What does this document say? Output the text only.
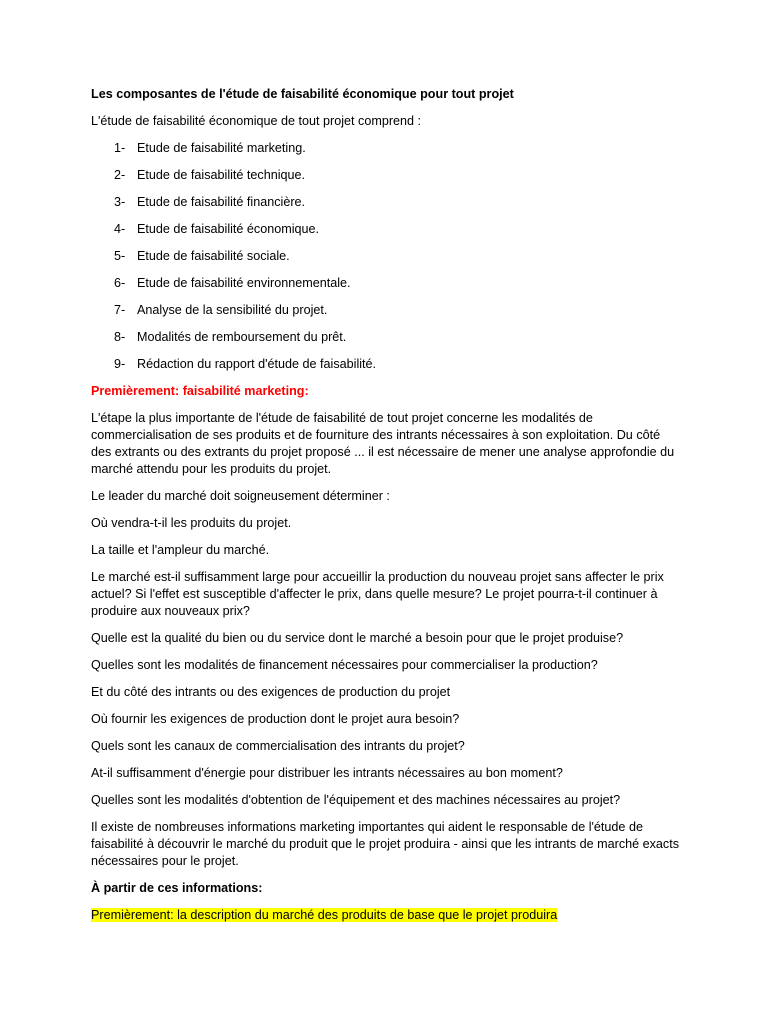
Les composantes de l'étude de faisabilité économique pour tout projet

L'étude de faisabilité économique de tout projet comprend :

1- Etude de faisabilité marketing.
2- Etude de faisabilité technique.
3- Etude de faisabilité financière.
4- Etude de faisabilité économique.
5- Etude de faisabilité sociale.
6- Etude de faisabilité environnementale.
7- Analyse de la sensibilité du projet.
8- Modalités de remboursement du prêt.
9- Rédaction du rapport d'étude de faisabilité.

Premièrement: faisabilité marketing:

L'étape la plus importante de l'étude de faisabilité de tout projet concerne les modalités de commercialisation de ses produits et de fourniture des intrants nécessaires à son exploitation. Du côté des extrants ou des extrants du projet proposé ... il est nécessaire de mener une analyse approfondie du marché attendu pour les produits du projet.

Le leader du marché doit soigneusement déterminer :

Où vendra-t-il les produits du projet.

La taille et l'ampleur du marché.

Le marché est-il suffisamment large pour accueillir la production du nouveau projet sans affecter le prix actuel? Si l'effet est susceptible d'affecter le prix, dans quelle mesure? Le projet pourra-t-il continuer à produire aux nouveaux prix?

Quelle est la qualité du bien ou du service dont le marché a besoin pour que le projet produise?

Quelles sont les modalités de financement nécessaires pour commercialiser la production?

Et du côté des intrants ou des exigences de production du projet

Où fournir les exigences de production dont le projet aura besoin?

Quels sont les canaux de commercialisation des intrants du projet?

At-il suffisamment d'énergie pour distribuer les intrants nécessaires au bon moment?

Quelles sont les modalités d'obtention de l'équipement et des machines nécessaires au projet?

Il existe de nombreuses informations marketing importantes qui aident le responsable de l'étude de faisabilité à découvrir le marché du produit que le projet produira - ainsi que les intrants de marché exacts nécessaires pour le projet.

À partir de ces informations:

Premièrement: la description du marché des produits de base que le projet produira
